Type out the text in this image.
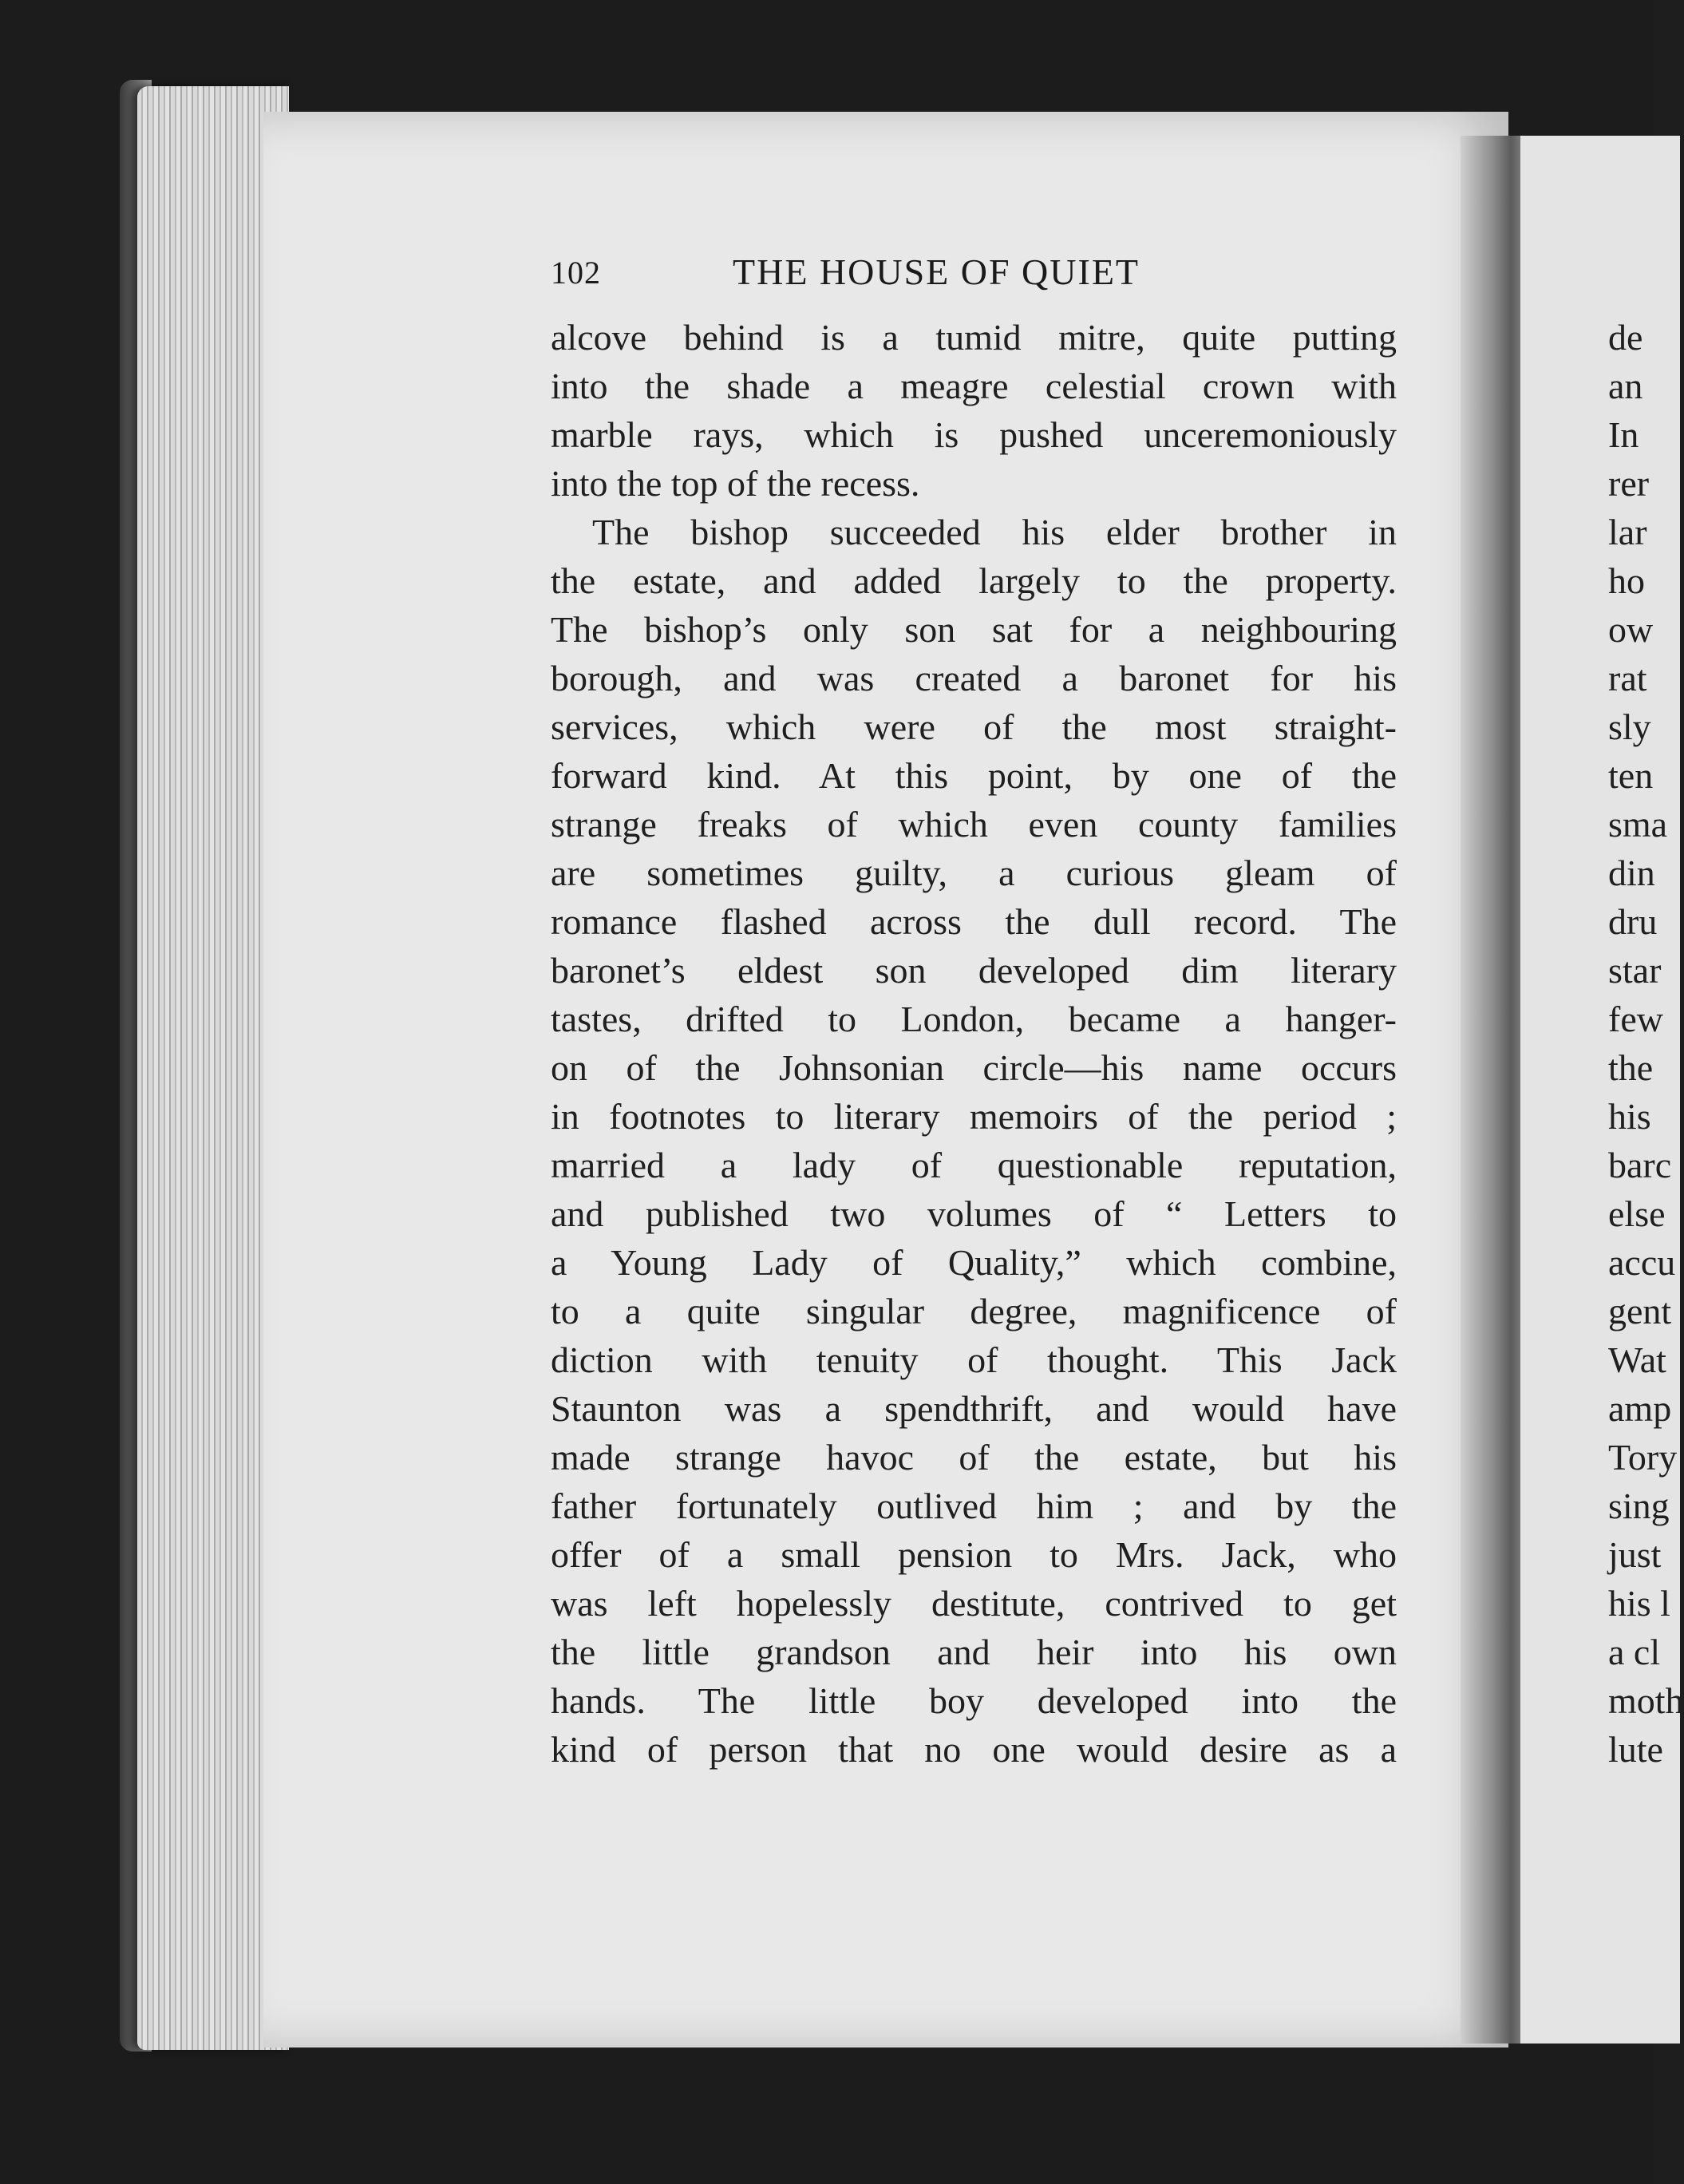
102	THE HOUSE OF QUIET
alcove behind is a tumid mitre, quite putting
into the shade a meagre celestial crown with
marble rays, which is pushed unceremoniously
into the top of the recess.
The bishop succeeded his elder brother in
the estate, and added largely to the property.
The bishop’s only son sat for a neighbouring
borough, and was created a baronet for his
services, which were of the most straight-
forward kind. At this point, by one of the
strange freaks of which even county families
are sometimes guilty, a curious gleam of
romance flashed across the dull record. The
baronet’s eldest son developed dim literary
tastes, drifted to London, became a hanger-
on of the Johnsonian circle—his name occurs
in footnotes to literary memoirs of the period ;
married a lady of questionable reputation,
and published two volumes of “ Letters to
a Young Lady of Quality,” which combine,
to a quite singular degree, magnificence of
diction with tenuity of thought. This Jack
Staunton was a spendthrift, and would have
made strange havoc of the estate, but his
father fortunately outlived him ; and by the
offer of a small pension to Mrs. Jack, who
was left hopelessly destitute, contrived to get
the little grandson and heir into his own
hands. The little boy developed into the
kind of person that no one would desire as a
de
an
In
rer
lar
ho
ow
rat
sly
ten
sma
din
dru
star
few
the
his
barc
else
accu
gent
Wat
amp
Tory
sing
just
his l
a cl
moth
lute
